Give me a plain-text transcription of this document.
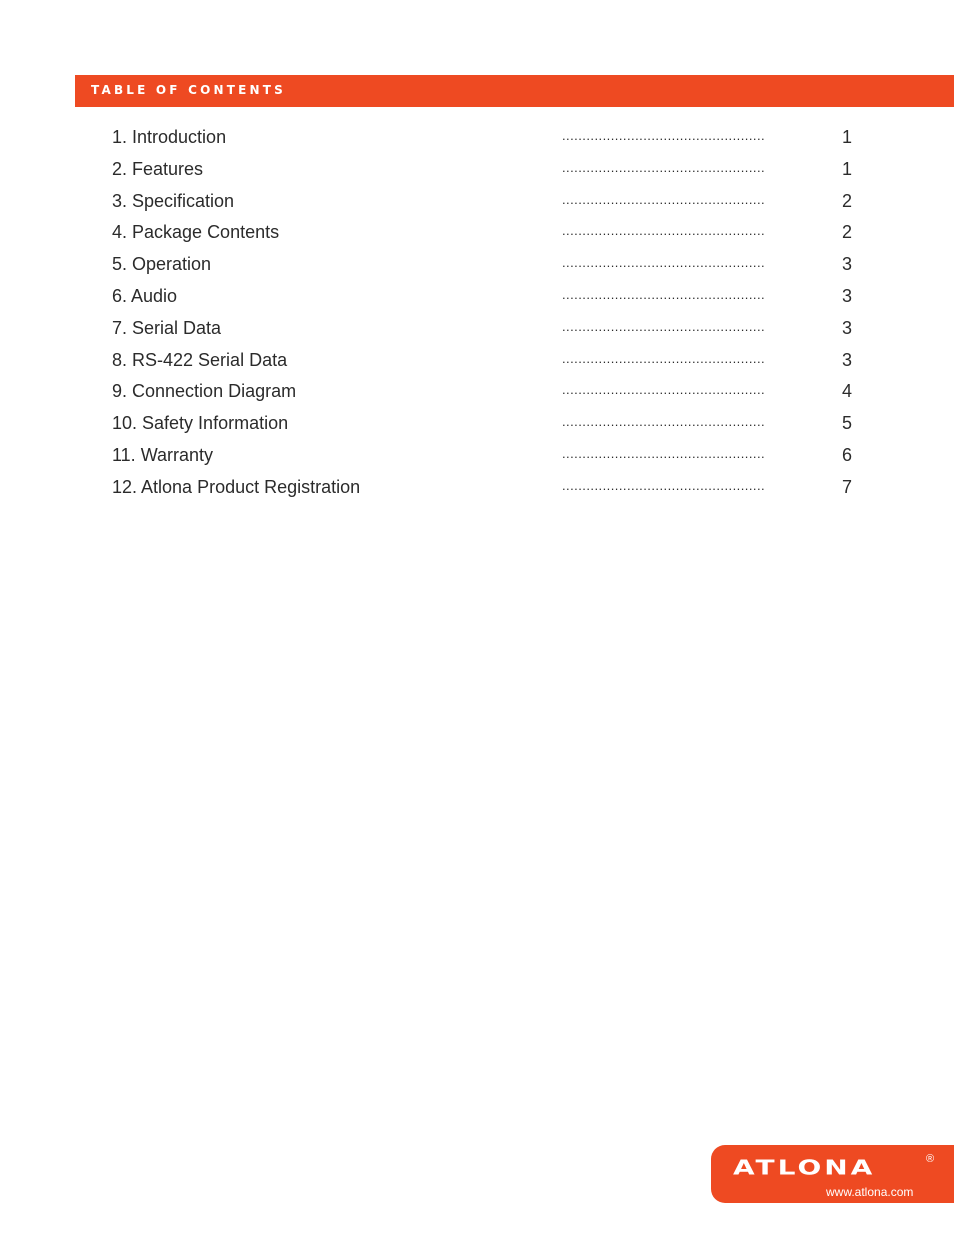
TABLE OF CONTENTS
1. Introduction	..................................................	1
2. Features	..................................................	1
3. Specification	..................................................	2
4. Package Contents	..................................................	2
5. Operation	..................................................	3
6. Audio	..................................................	3
7. Serial Data	..................................................	3
8. RS-422 Serial Data	..................................................	3
9. Connection Diagram	..................................................	4
10. Safety Information	..................................................	5
11. Warranty	..................................................	6
12. Atlona Product Registration	..................................................	7
ATLONA	®
www.atlona.com
